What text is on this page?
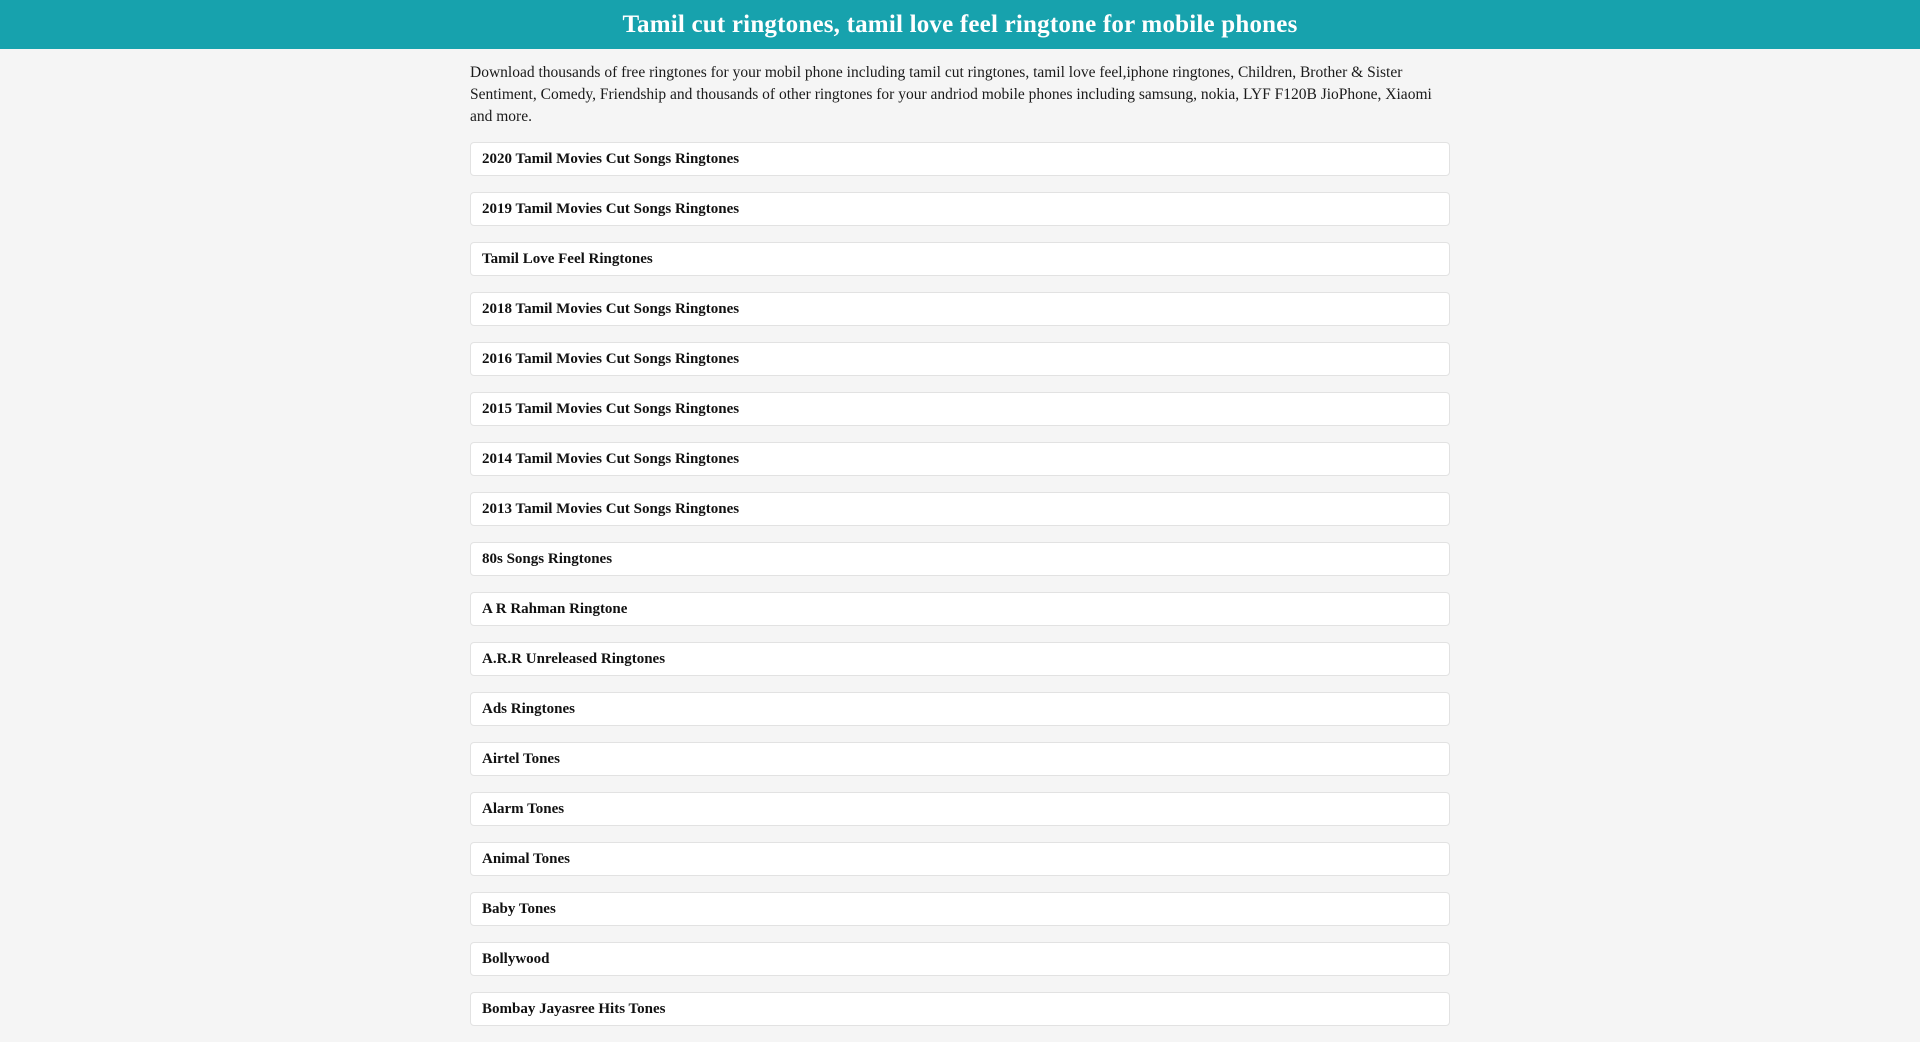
Tamil cut ringtones, tamil love feel ringtone for mobile phones

Download thousands of free ringtones for your mobil phone including tamil cut ringtones, tamil love feel,iphone ringtones, Children, Brother & Sister Sentiment, Comedy, Friendship and thousands of other ringtones for your andriod mobile phones including samsung, nokia, LYF F120B JioPhone, Xiaomi and more.

2020 Tamil Movies Cut Songs Ringtones
2019 Tamil Movies Cut Songs Ringtones
Tamil Love Feel Ringtones
2018 Tamil Movies Cut Songs Ringtones
2016 Tamil Movies Cut Songs Ringtones
2015 Tamil Movies Cut Songs Ringtones
2014 Tamil Movies Cut Songs Ringtones
2013 Tamil Movies Cut Songs Ringtones
80s Songs Ringtones
A R Rahman Ringtone
A.R.R Unreleased Ringtones
Ads Ringtones
Airtel Tones
Alarm Tones
Animal Tones
Baby Tones
Bollywood
Bombay Jayasree Hits Tones
